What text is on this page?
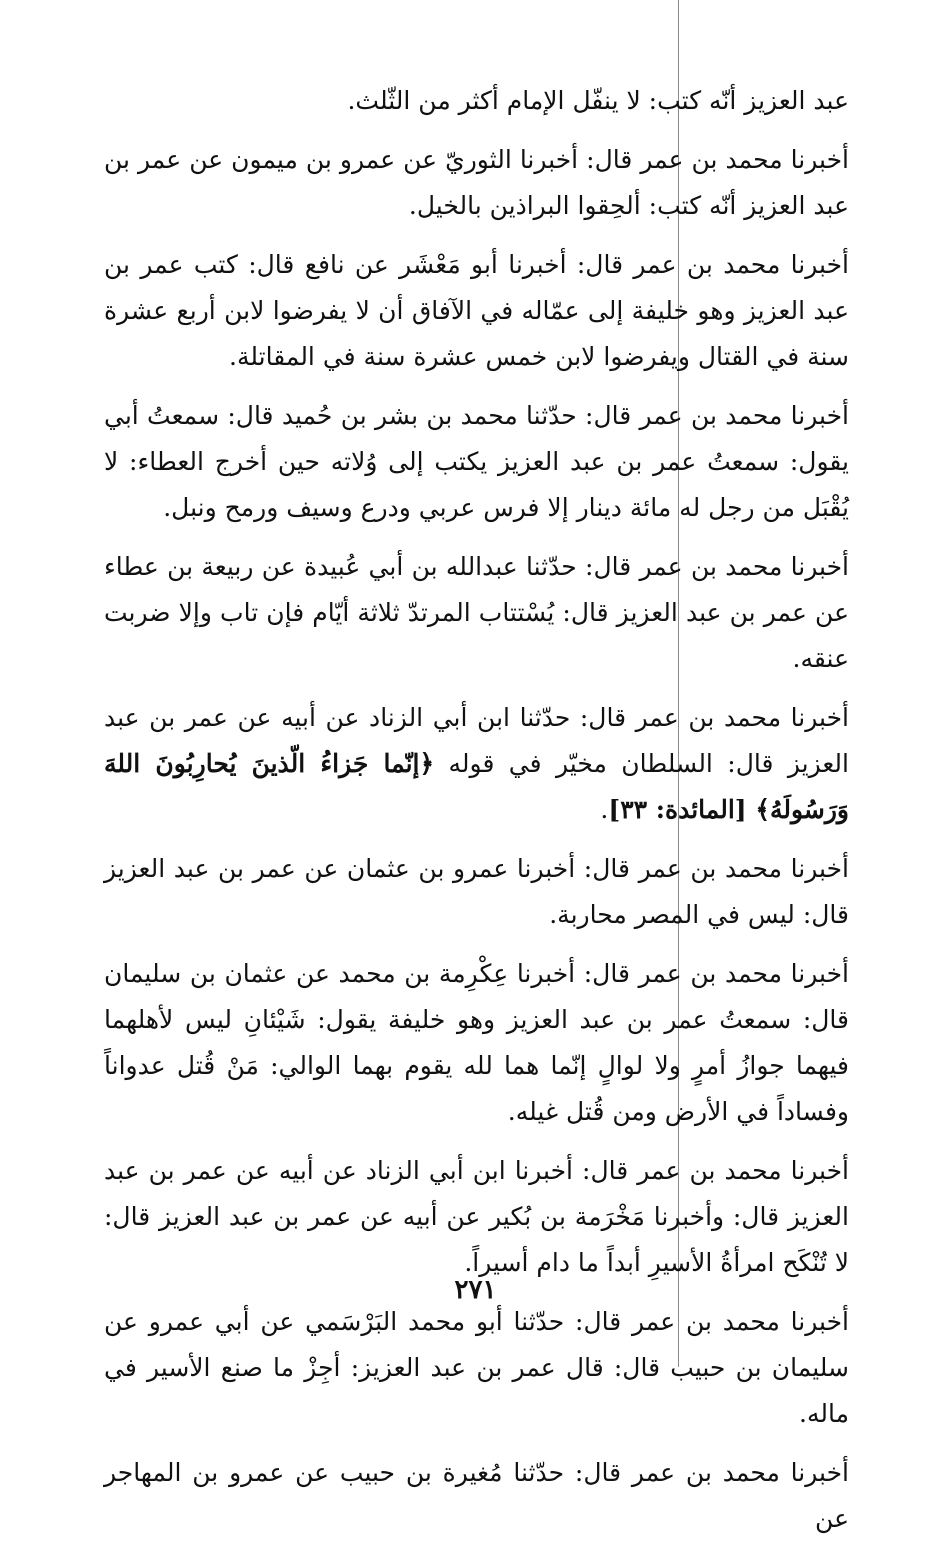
عبد العزيز أنّه كتب: لا ينفّل الإمام أكثر من الثّلث.

أخبرنا محمد بن عمر قال: أخبرنا الثوريّ عن عمرو بن ميمون عن عمر بن عبد العزيز أنّه كتب: ألحِقوا البراذين بالخيل.

أخبرنا محمد بن عمر قال: أخبرنا أبو مَعْشَر عن نافع قال: كتب عمر بن عبد العزيز وهو خليفة إلى عمّاله في الآفاق أن لا يفرضوا لابن أربع عشرة سنة في القتال ويفرضوا لابن خمس عشرة سنة في المقاتلة.

أخبرنا محمد بن عمر قال: حدّثنا محمد بن بشر بن حُميد قال: سمعتُ أبي يقول: سمعتُ عمر بن عبد العزيز يكتب إلى وُلاته حين أخرج العطاء: لا يُقْبَل من رجل له مائة دينار إلا فرس عربي ودرع وسيف ورمح ونبل.

أخبرنا محمد بن عمر قال: حدّثنا عبدالله بن أبي عُبيدة عن ربيعة بن عطاء عن عمر بن عبد العزيز قال: يُسْتتاب المرتدّ ثلاثة أيّام فإن تاب وإلا ضربت عنقه.

أخبرنا محمد بن عمر قال: حدّثنا ابن أبي الزناد عن أبيه عن عمر بن عبد العزيز قال: السلطان مخيّر في قوله ﴿إنّما جَزاءُ الّذينَ يُحارِبُونَ اللهَ وَرَسُولَهُ﴾ [المائدة: ٣٣].

أخبرنا محمد بن عمر قال: أخبرنا عمرو بن عثمان عن عمر بن عبد العزيز قال: ليس في المصر محاربة.

أخبرنا محمد بن عمر قال: أخبرنا عِكْرِمة بن محمد عن عثمان بن سليمان قال: سمعتُ عمر بن عبد العزيز وهو خليفة يقول: شَيْئانِ ليس لأهلهما فيهما جوازُ أمرٍ ولا لوالٍ إنّما هما لله يقوم بهما الوالي: مَنْ قُتل عدواناً وفساداً في الأرض ومن قُتل غيله.

أخبرنا محمد بن عمر قال: أخبرنا ابن أبي الزناد عن أبيه عن عمر بن عبد العزيز قال: وأخبرنا مَخْرَمة بن بُكير عن أبيه عن عمر بن عبد العزيز قال: لا تُنْكَح امرأةُ الأسيرِ أبداً ما دام أسيراً.

أخبرنا محمد بن عمر قال: حدّثنا أبو محمد البَرْسَمي عن أبي عمرو عن سليمان بن حبيب قال: قال عمر بن عبد العزيز: أجِزْ ما صنع الأسير في ماله.

أخبرنا محمد بن عمر قال: حدّثنا مُغيرة بن حبيب عن عمرو بن المهاجر عن

٢٧١
